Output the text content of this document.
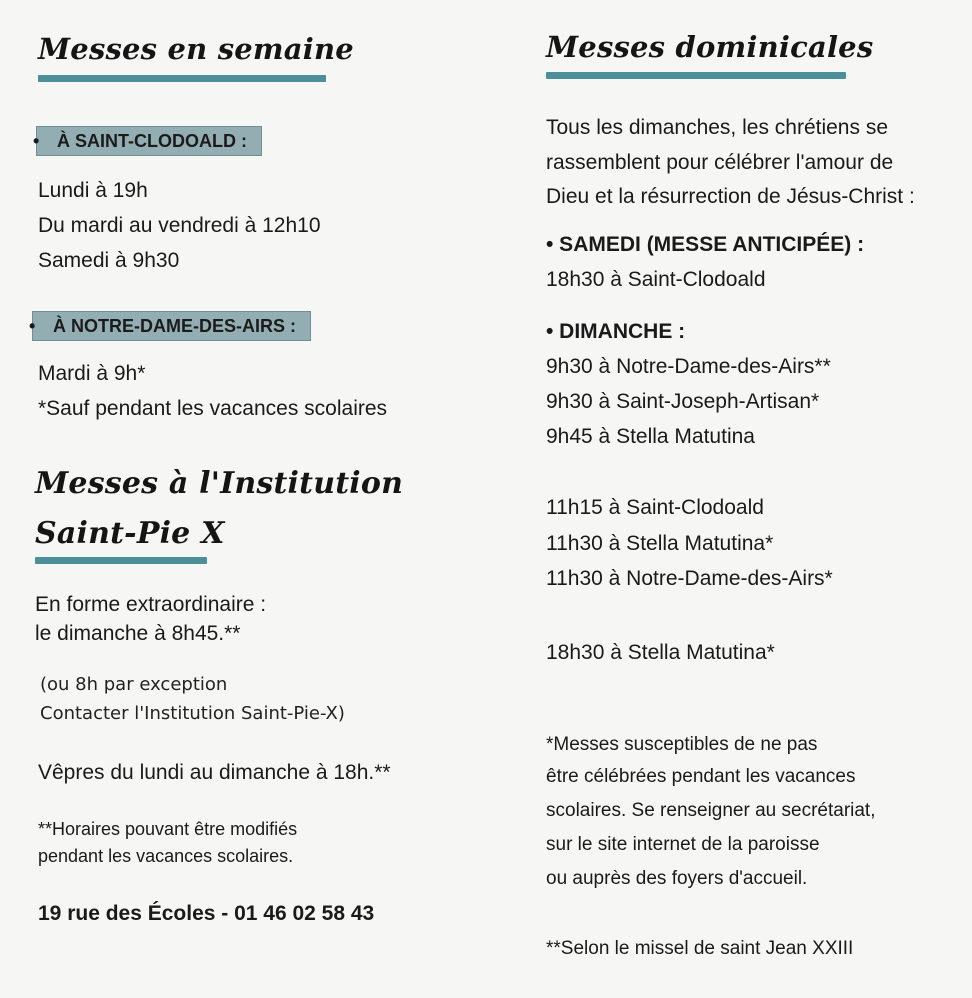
Messes en semaine
• À SAINT-CLODOALD :
Lundi à 19h
Du mardi au vendredi à 12h10
Samedi à 9h30
• À NOTRE-DAME-DES-AIRS :
Mardi à 9h*
*Sauf pendant les vacances scolaires
Messes à l'Institution
Saint-Pie X
En forme extraordinaire :
le dimanche à 8h45.**
(ou 8h par exception
Contacter l'Institution Saint-Pie-X)
Vêpres du lundi au dimanche à 18h.**
**Horaires pouvant être modifiés
pendant les vacances scolaires.
19 rue des Écoles - 01 46 02 58 43
Messes dominicales
Tous les dimanches, les chrétiens se
rassemblent pour célébrer l'amour de
Dieu et la résurrection de Jésus-Christ :
• SAMEDI (MESSE ANTICIPÉE) :
18h30 à Saint-Clodoald
• DIMANCHE :
9h30 à Notre-Dame-des-Airs**
9h30 à Saint-Joseph-Artisan*
9h45 à Stella Matutina
11h15 à Saint-Clodoald
11h30 à Stella Matutina*
11h30 à Notre-Dame-des-Airs*
18h30 à Stella Matutina*
*Messes susceptibles de ne pas
être célébrées pendant les vacances
scolaires. Se renseigner au secrétariat,
sur le site internet de la paroisse
ou auprès des foyers d'accueil.
**Selon le missel de saint Jean XXIII
